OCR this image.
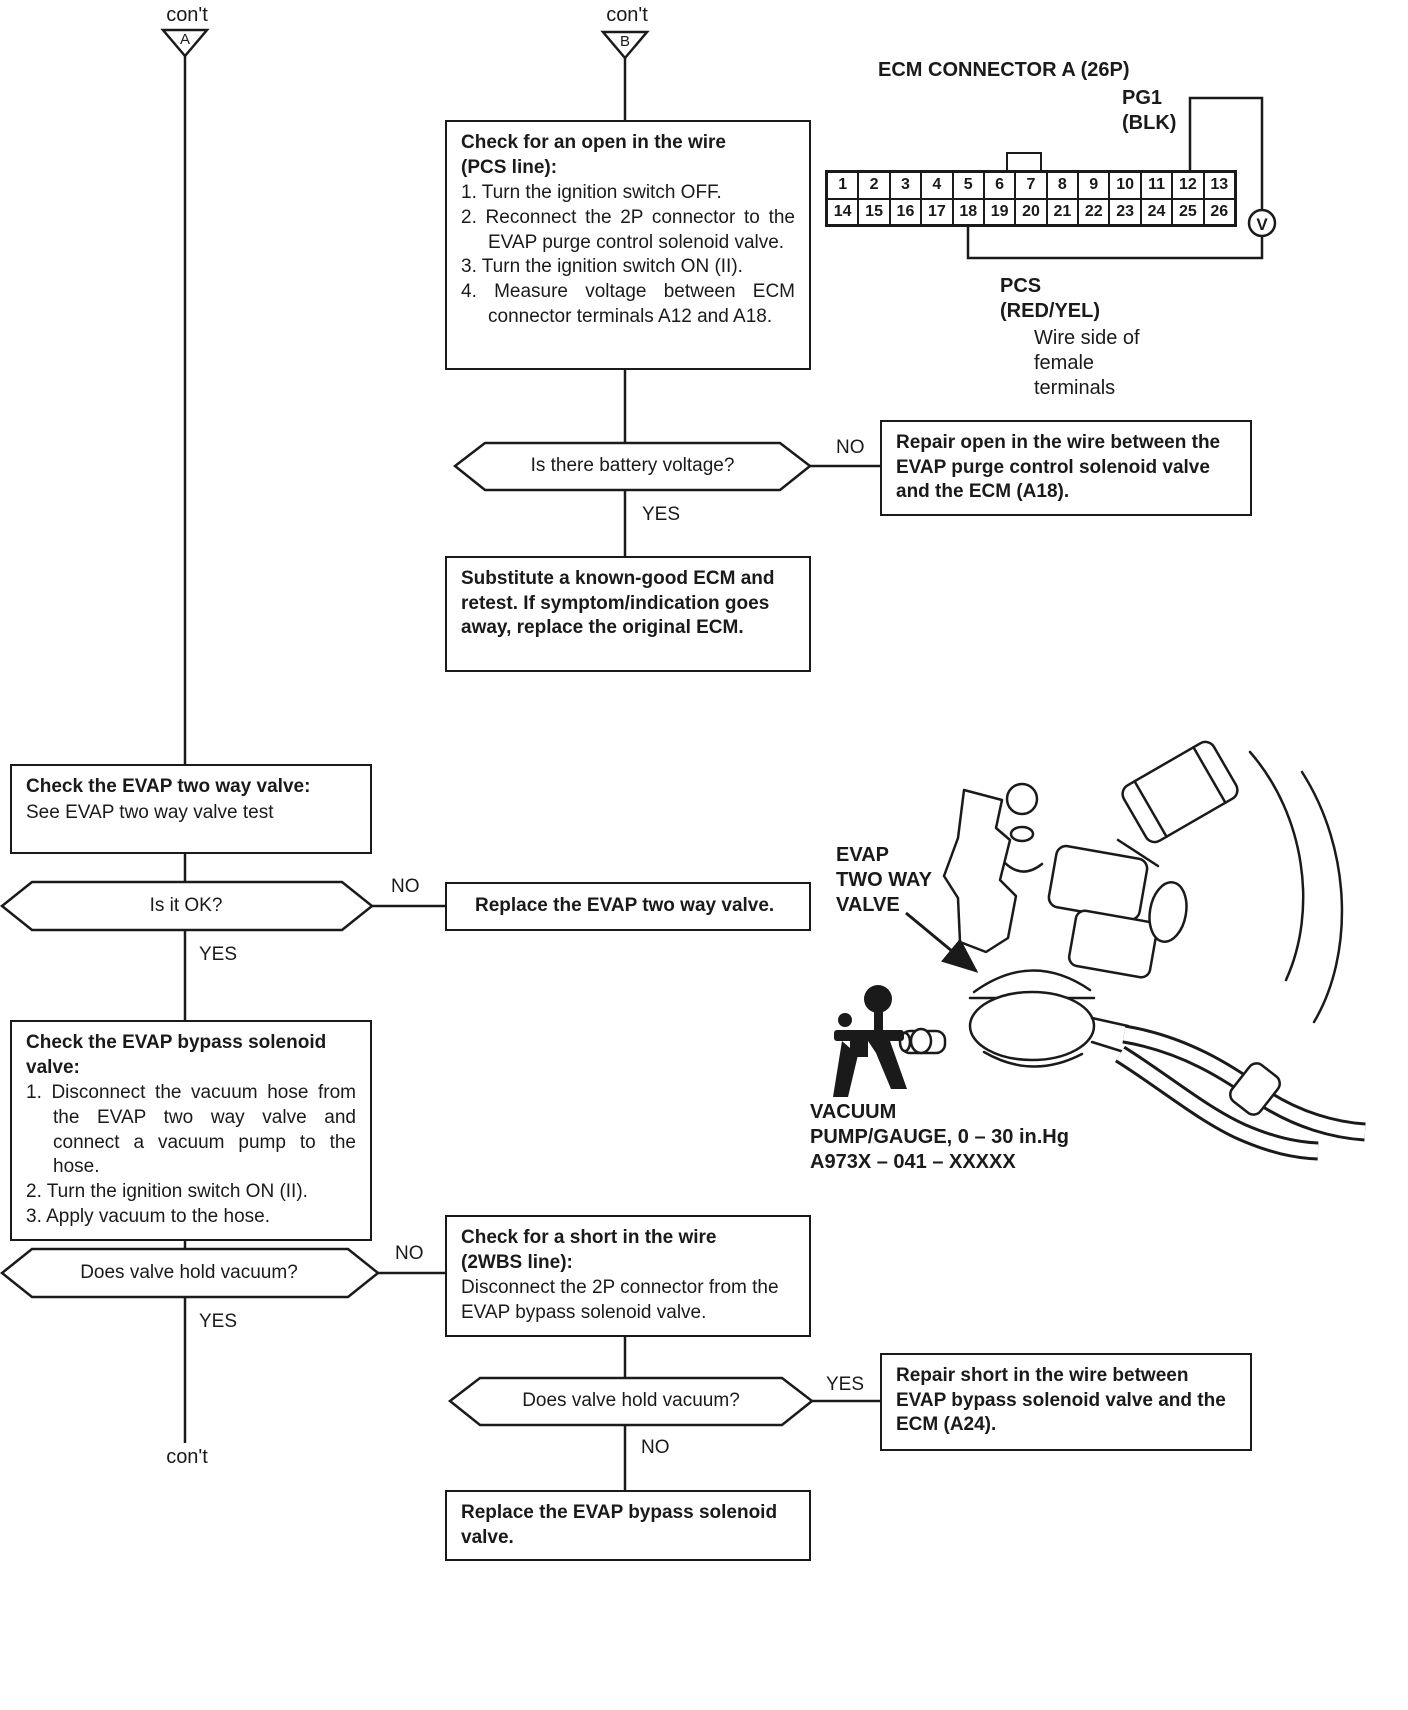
V
con't
A
con't
B
con't
ECM CONNECTOR A (26P)
PG1
(BLK)
1	2	3	4	5	6	7	8	9	10 11 12 13
14 15 16 17 18 19 20 21 22 23 24 25 26
PCS
(RED/YEL)
Wire side of
female
terminals
Check for an open in the wire
(PCS line):
1. Turn the ignition switch OFF.
2. Reconnect the 2P connector to the EVAP purge control solenoid valve.
3. Turn the ignition switch ON (II).
4. Measure voltage between ECM connector terminals A12 and A18.
Is there battery voltage?
NO
YES
Repair open in the wire between the EVAP purge control solenoid valve and the ECM (A18).
Substitute a known-good ECM and retest. If symptom/indication goes away, replace the original ECM.
Check the EVAP two way valve:
See EVAP two way valve test
Is it OK?
NO
YES
Replace the EVAP two way valve.
Check the EVAP bypass solenoid
valve:
1. Disconnect the vacuum hose from the EVAP two way valve and connect a vacuum pump to the hose.
2. Turn the ignition switch ON (II).
3. Apply vacuum to the hose.
Does valve hold vacuum?
NO
YES
Check for a short in the wire
(2WBS line):
Disconnect the 2P connector from the EVAP bypass solenoid valve.
Does valve hold vacuum?
YES
NO
Repair short in the wire between EVAP bypass solenoid valve and the ECM (A24).
Replace the EVAP bypass solenoid valve.
EVAP
TWO WAY
VALVE
VACUUM
PUMP/GAUGE, 0 – 30 in.Hg
A973X – 041 – XXXXX
